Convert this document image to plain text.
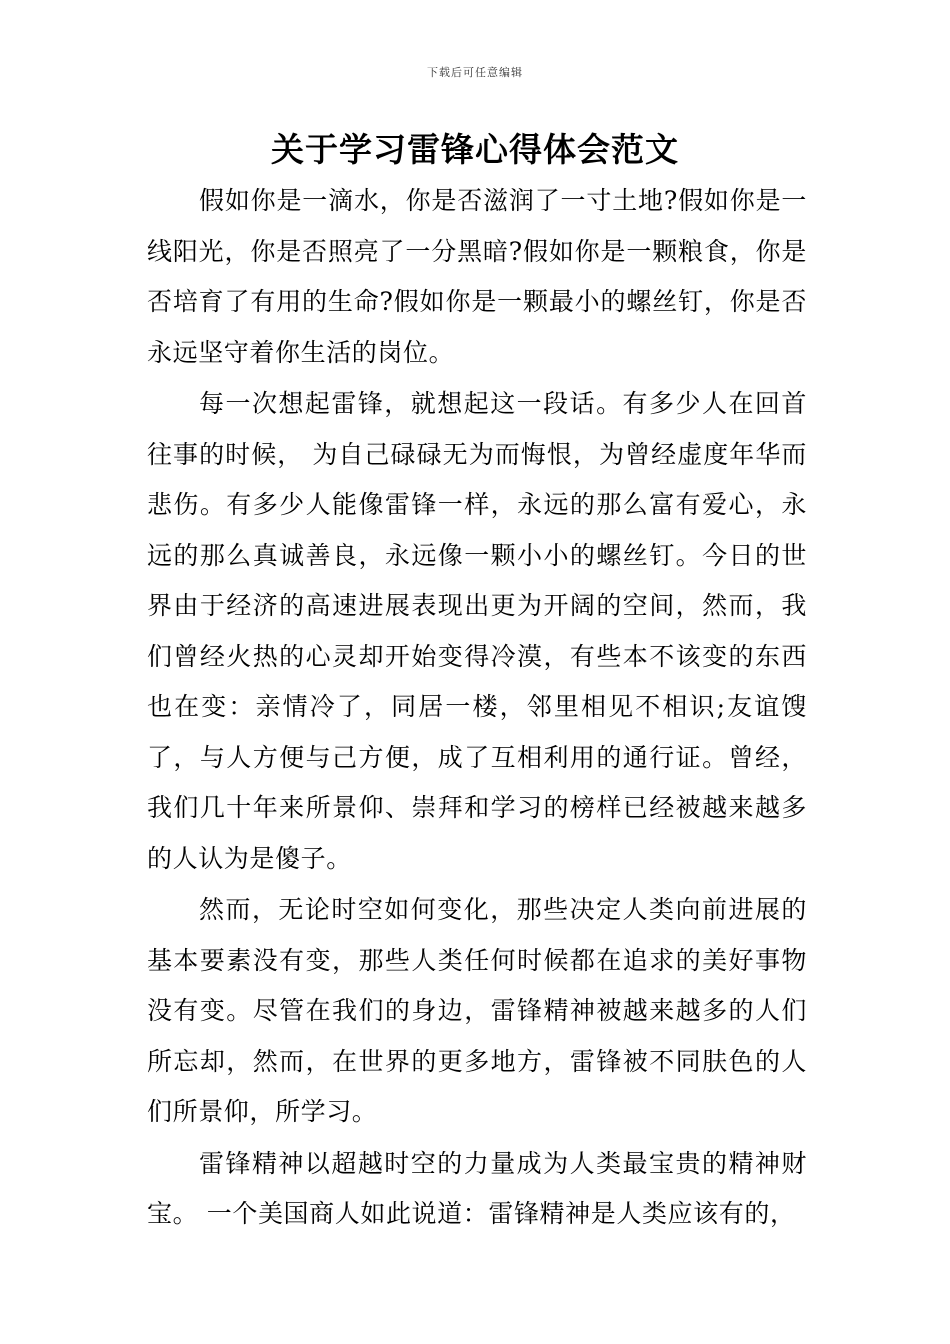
下载后可任意编辑
关于学习雷锋心得体会范文

假如你是一滴水，你是否滋润了一寸土地?假如你是一线阳光，你是否照亮了一分黑暗?假如你是一颗粮食，你是否培育了有用的生命?假如你是一颗最小的螺丝钉，你是否永远坚守着你生活的岗位。

每一次想起雷锋，就想起这一段话。有多少人在回首往事的时候， 为自己碌碌无为而悔恨，为曾经虚度年华而悲伤。有多少人能像雷锋一样，永远的那么富有爱心，永远的那么真诚善良，永远像一颗小小的螺丝钉。今日的世界由于经济的高速进展表现出更为开阔的空间，然而，我们曾经火热的心灵却开始变得冷漠，有些本不该变的东西也在变：亲情冷了，同居一楼，邻里相见不相识;友谊馊了，与人方便与己方便，成了互相利用的通行证。曾经，我们几十年来所景仰、崇拜和学习的榜样已经被越来越多的人认为是傻子。

然而，无论时空如何变化，那些决定人类向前进展的基本要素没有变，那些人类任何时候都在追求的美好事物没有变。尽管在我们的身边，雷锋精神被越来越多的人们所忘却，然而，在世界的更多地方，雷锋被不同肤色的人们所景仰，所学习。

雷锋精神以超越时空的力量成为人类最宝贵的精神财宝。 一个美国商人如此说道：雷锋精神是人类应该有的，
